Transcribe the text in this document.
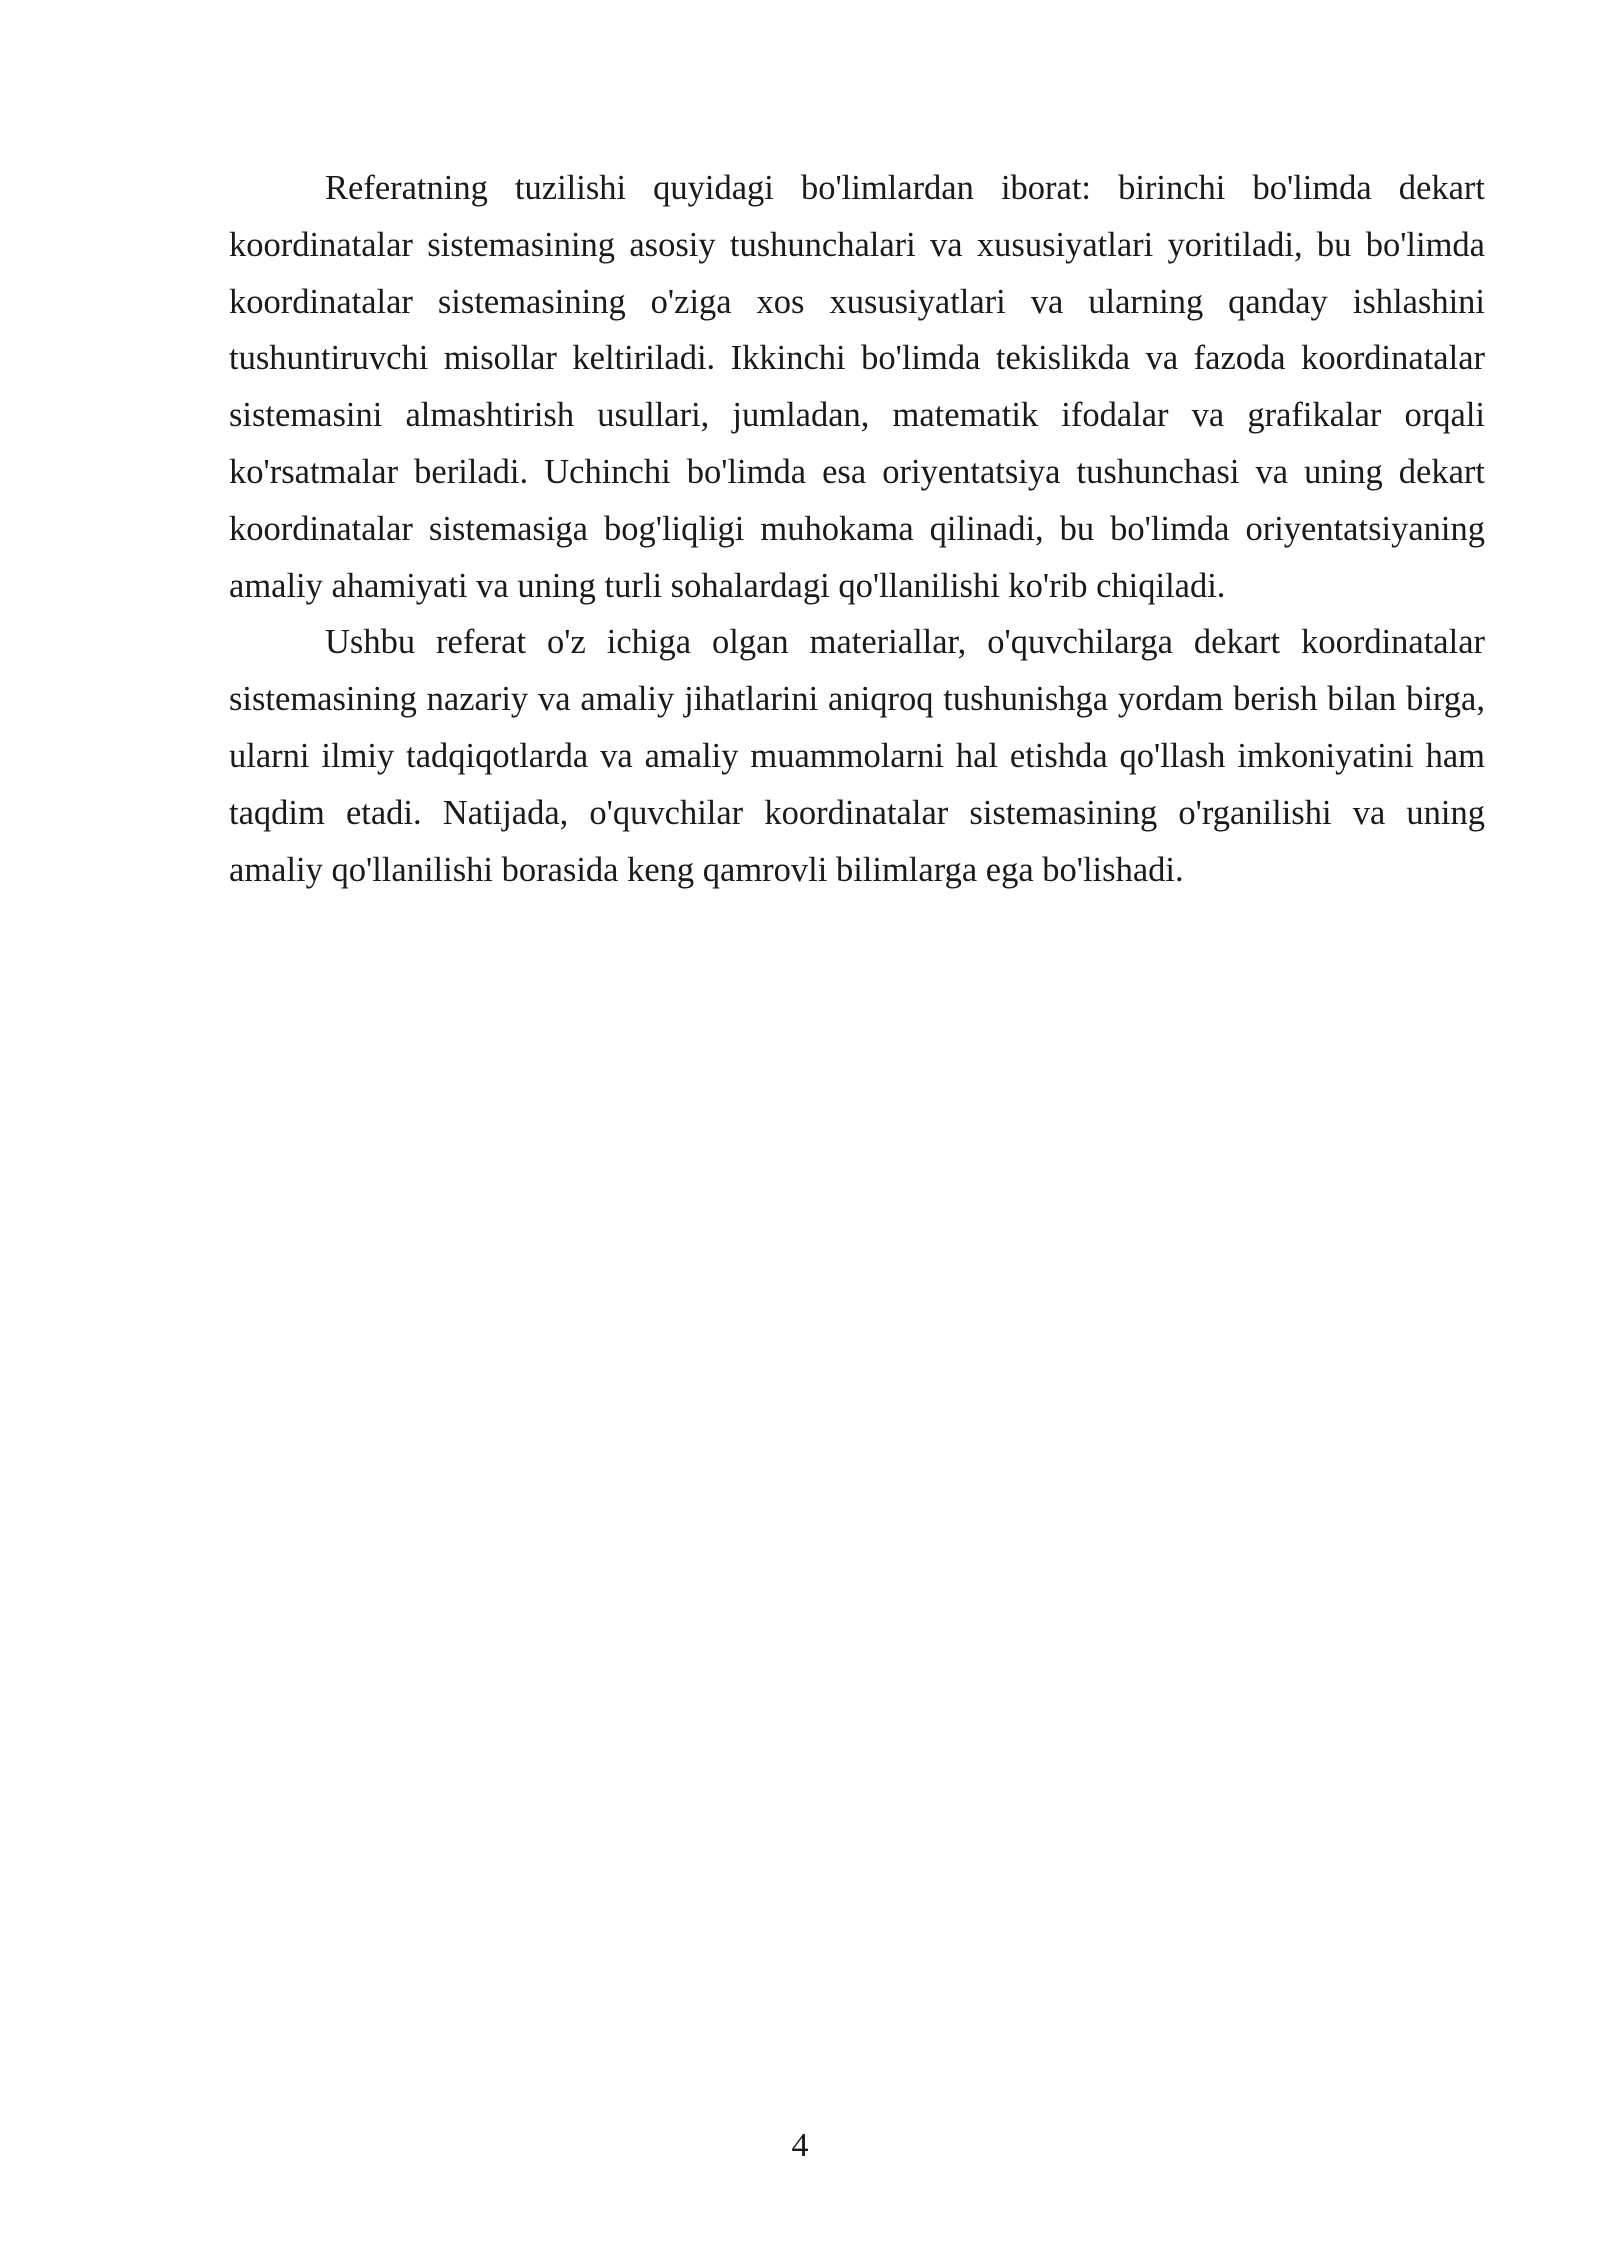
Referatning tuzilishi quyidagi bo'limlardan iborat: birinchi bo'limda dekart koordinatalar sistemasining asosiy tushunchalari va xususiyatlari yoritiladi, bu bo'limda koordinatalar sistemasining o'ziga xos xususiyatlari va ularning qanday ishlashini tushuntiruvchi misollar keltiriladi. Ikkinchi bo'limda tekislikda va fazoda koordinatalar sistemasini almashtirish usullari, jumladan, matematik ifodalar va grafikalar orqali ko'rsatmalar beriladi. Uchinchi bo'limda esa oriyentatsiya tushunchasi va uning dekart koordinatalar sistemasiga bog'liqligi muhokama qilinadi, bu bo'limda oriyentatsiyaning amaliy ahamiyati va uning turli sohalardagi qo'llanilishi ko'rib chiqiladi.

Ushbu referat o'z ichiga olgan materiallar, o'quvchilarga dekart koordinatalar sistemasining nazariy va amaliy jihatlarini aniqroq tushunishga yordam berish bilan birga, ularni ilmiy tadqiqotlarda va amaliy muammolarni hal etishda qo'llash imkoniyatini ham taqdim etadi. Natijada, o'quvchilar koordinatalar sistemasining o'rganilishi va uning amaliy qo'llanilishi borasida keng qamrovli bilimlarga ega bo'lishadi.

4
